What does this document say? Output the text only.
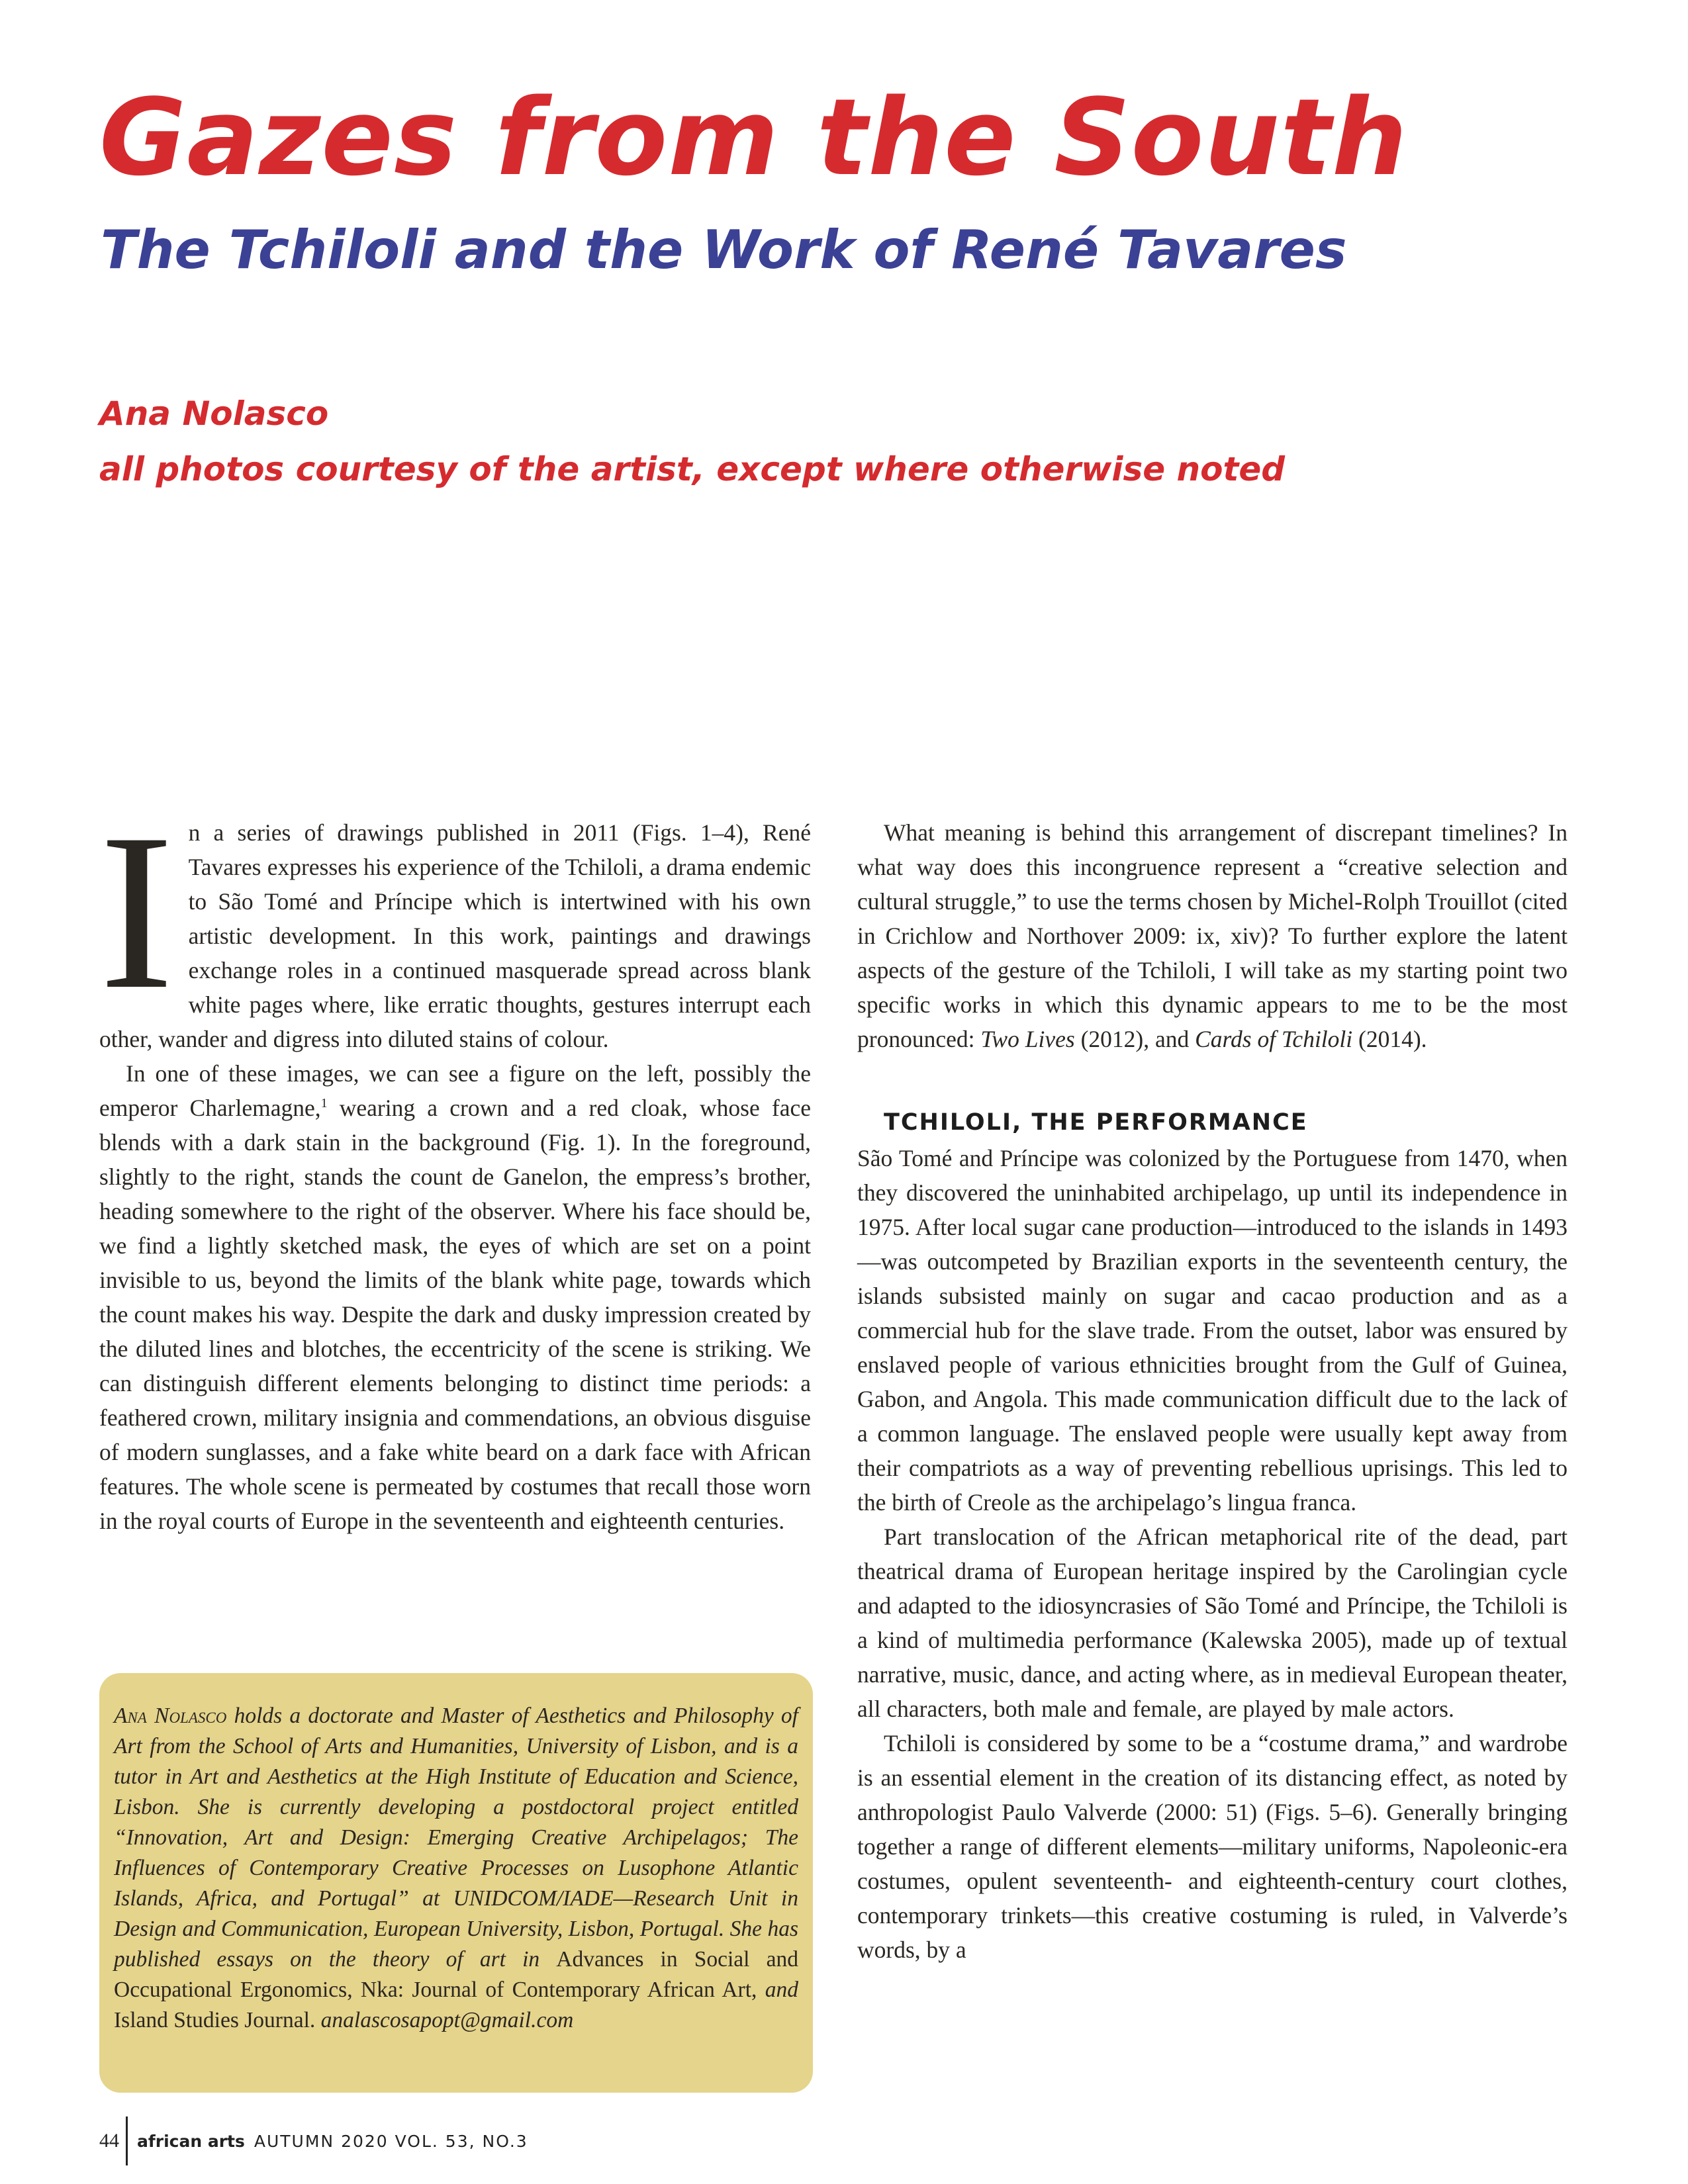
Gazes from the South
The Tchiloli and the Work of René Tavares
Ana Nolasco
all photos courtesy of the artist, except where otherwise noted

In a series of drawings published in 2011 (Figs. 1–4), René Tavares expresses his experience of the Tchiloli, a drama endemic to São Tomé and Príncipe which is intertwined with his own artistic development. In this work, paintings and drawings exchange roles in a continued masquerade spread across blank white pages where, like erratic thoughts, gestures interrupt each other, wander and digress into diluted stains of colour.

In one of these images, we can see a figure on the left, possibly the emperor Charlemagne,$^1$ wearing a crown and a red cloak, whose face blends with a dark stain in the background (Fig. 1). In the foreground, slightly to the right, stands the count de Ganelon, the empress’s brother, heading somewhere to the right of the observer. Where his face should be, we find a lightly sketched mask, the eyes of which are set on a point invisible to us, beyond the limits of the blank white page, towards which the count makes his way. Despite the dark and dusky impression created by the diluted lines and blotches, the eccentricity of the scene is striking. We can distinguish different elements belonging to distinct time periods: a feathered crown, military insignia and commendations, an obvious disguise of modern sunglasses, and a fake white beard on a dark face with African features. The whole scene is permeated by costumes that recall those worn in the royal courts of Europe in the seventeenth and eighteenth centuries.

Ana Nolasco holds a doctorate and Master of Aesthetics and Philosophy of Art from the School of Arts and Humanities, University of Lisbon, and is a tutor in Art and Aesthetics at the High Institute of Education and Science, Lisbon. She is currently developing a postdoctoral project entitled “Innovation, Art and Design: Emerging Creative Archipelagos; The Influences of Contemporary Creative Processes on Lusophone Atlantic Islands, Africa, and Portugal” at UNIDCOM/IADE—Research Unit in Design and Communication, European University, Lisbon, Portugal. She has published essays on the theory of art in Advances in Social and Occupational Ergonomics, Nka: Journal of Contemporary African Art, and Island Studies Journal. analascosapopt@gmail.com

What meaning is behind this arrangement of discrepant timelines? In what way does this incongruence represent a “creative selection and cultural struggle,” to use the terms chosen by Michel-Rolph Trouillot (cited in Crichlow and Northover 2009: ix, xiv)? To further explore the latent aspects of the gesture of the Tchiloli, I will take as my starting point two specific works in which this dynamic appears to me to be the most pronounced: Two Lives (2012), and Cards of Tchiloli (2014).

TCHILOLI, THE PERFORMANCE

São Tomé and Príncipe was colonized by the Portuguese from 1470, when they discovered the uninhabited archipelago, up until its independence in 1975. After local sugar cane production—introduced to the islands in 1493—was outcompeted by Brazilian exports in the seventeenth century, the islands subsisted mainly on sugar and cacao production and as a commercial hub for the slave trade. From the outset, labor was ensured by enslaved people of various ethnicities brought from the Gulf of Guinea, Gabon, and Angola. This made communication difficult due to the lack of a common language. The enslaved people were usually kept away from their compatriots as a way of preventing rebellious uprisings. This led to the birth of Creole as the archipelago’s lingua franca.

Part translocation of the African metaphorical rite of the dead, part theatrical drama of European heritage inspired by the Carolingian cycle and adapted to the idiosyncrasies of São Tomé and Príncipe, the Tchiloli is a kind of multimedia performance (Kalewska 2005), made up of textual narrative, music, dance, and acting where, as in medieval European theater, all characters, both male and female, are played by male actors.

Tchiloli is considered by some to be a “costume drama,” and wardrobe is an essential element in the creation of its distancing effect, as noted by anthropologist Paulo Valverde (2000: 51) (Figs. 5–6). Generally bringing together a range of different elements—military uniforms, Napoleonic-era costumes, opulent seventeenth- and eighteenth-century court clothes, contemporary trinkets—this creative costuming is ruled, in Valverde’s words, by a

44 african arts AUTUMN 2020 VOL. 53, NO.3
